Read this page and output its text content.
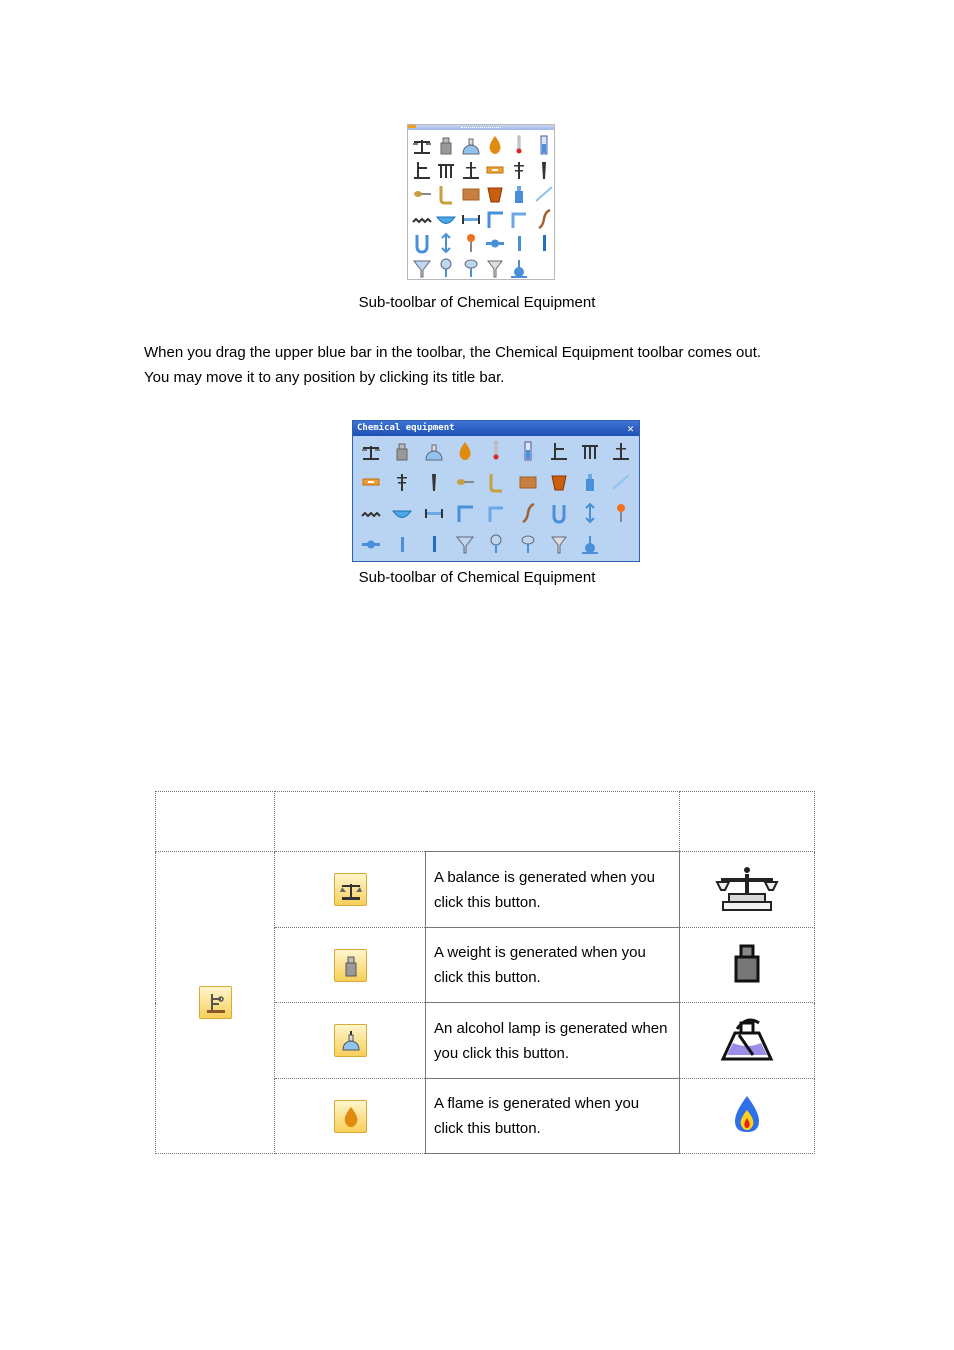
Sub-toolbar of Chemical Equipment
When you drag the upper blue bar in the toolbar, the Chemical Equipment toolbar comes out.
You may move it to any position by clicking its title bar.
Chemical equipment	✕
Sub-toolbar of Chemical Equipment

	A balance is generated when you click this button.	

	A weight is generated when you click this button.	

	An alcohol lamp is generated when you click this button.	

	A flame is generated when you click this button.	
